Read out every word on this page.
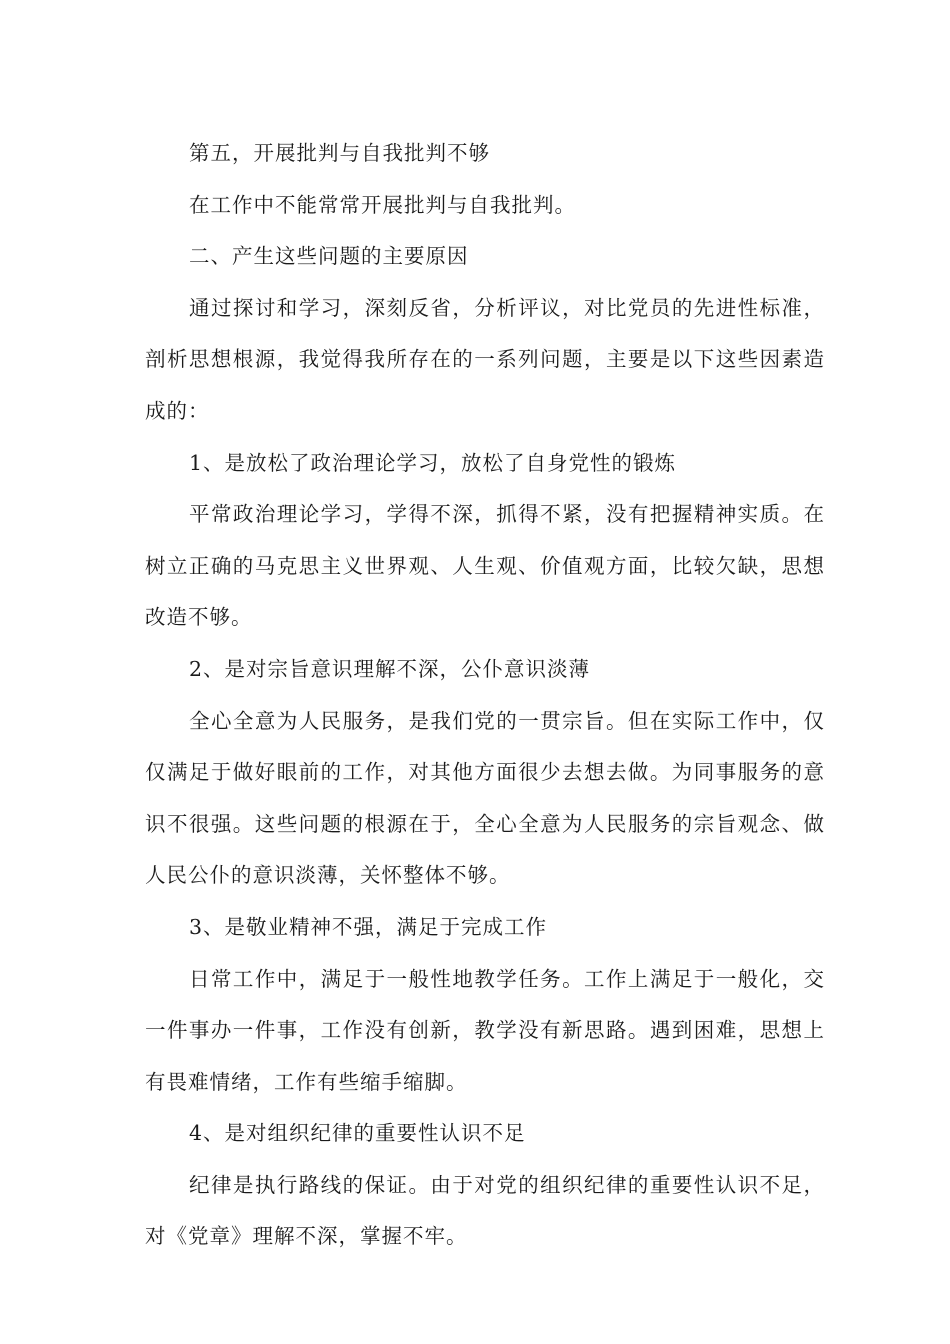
第五，开展批判与自我批判不够

在工作中不能常常开展批判与自我批判。

二、产生这些问题的主要原因

通过探讨和学习，深刻反省，分析评议，对比党员的先进性标准，剖析思想根源，我觉得我所存在的一系列问题，主要是以下这些因素造成的：

1、是放松了政治理论学习，放松了自身党性的锻炼

平常政治理论学习，学得不深，抓得不紧，没有把握精神实质。在树立正确的马克思主义世界观、人生观、价值观方面，比较欠缺，思想改造不够。

2、是对宗旨意识理解不深，公仆意识淡薄

全心全意为人民服务，是我们党的一贯宗旨。但在实际工作中，仅仅满足于做好眼前的工作，对其他方面很少去想去做。为同事服务的意识不很强。这些问题的根源在于，全心全意为人民服务的宗旨观念、做人民公仆的意识淡薄，关怀整体不够。

3、是敬业精神不强，满足于完成工作

日常工作中，满足于一般性地教学任务。工作上满足于一般化，交一件事办一件事，工作没有创新，教学没有新思路。遇到困难，思想上有畏难情绪，工作有些缩手缩脚。

4、是对组织纪律的重要性认识不足

纪律是执行路线的保证。由于对党的组织纪律的重要性认识不足，对《党章》理解不深，掌握不牢。
